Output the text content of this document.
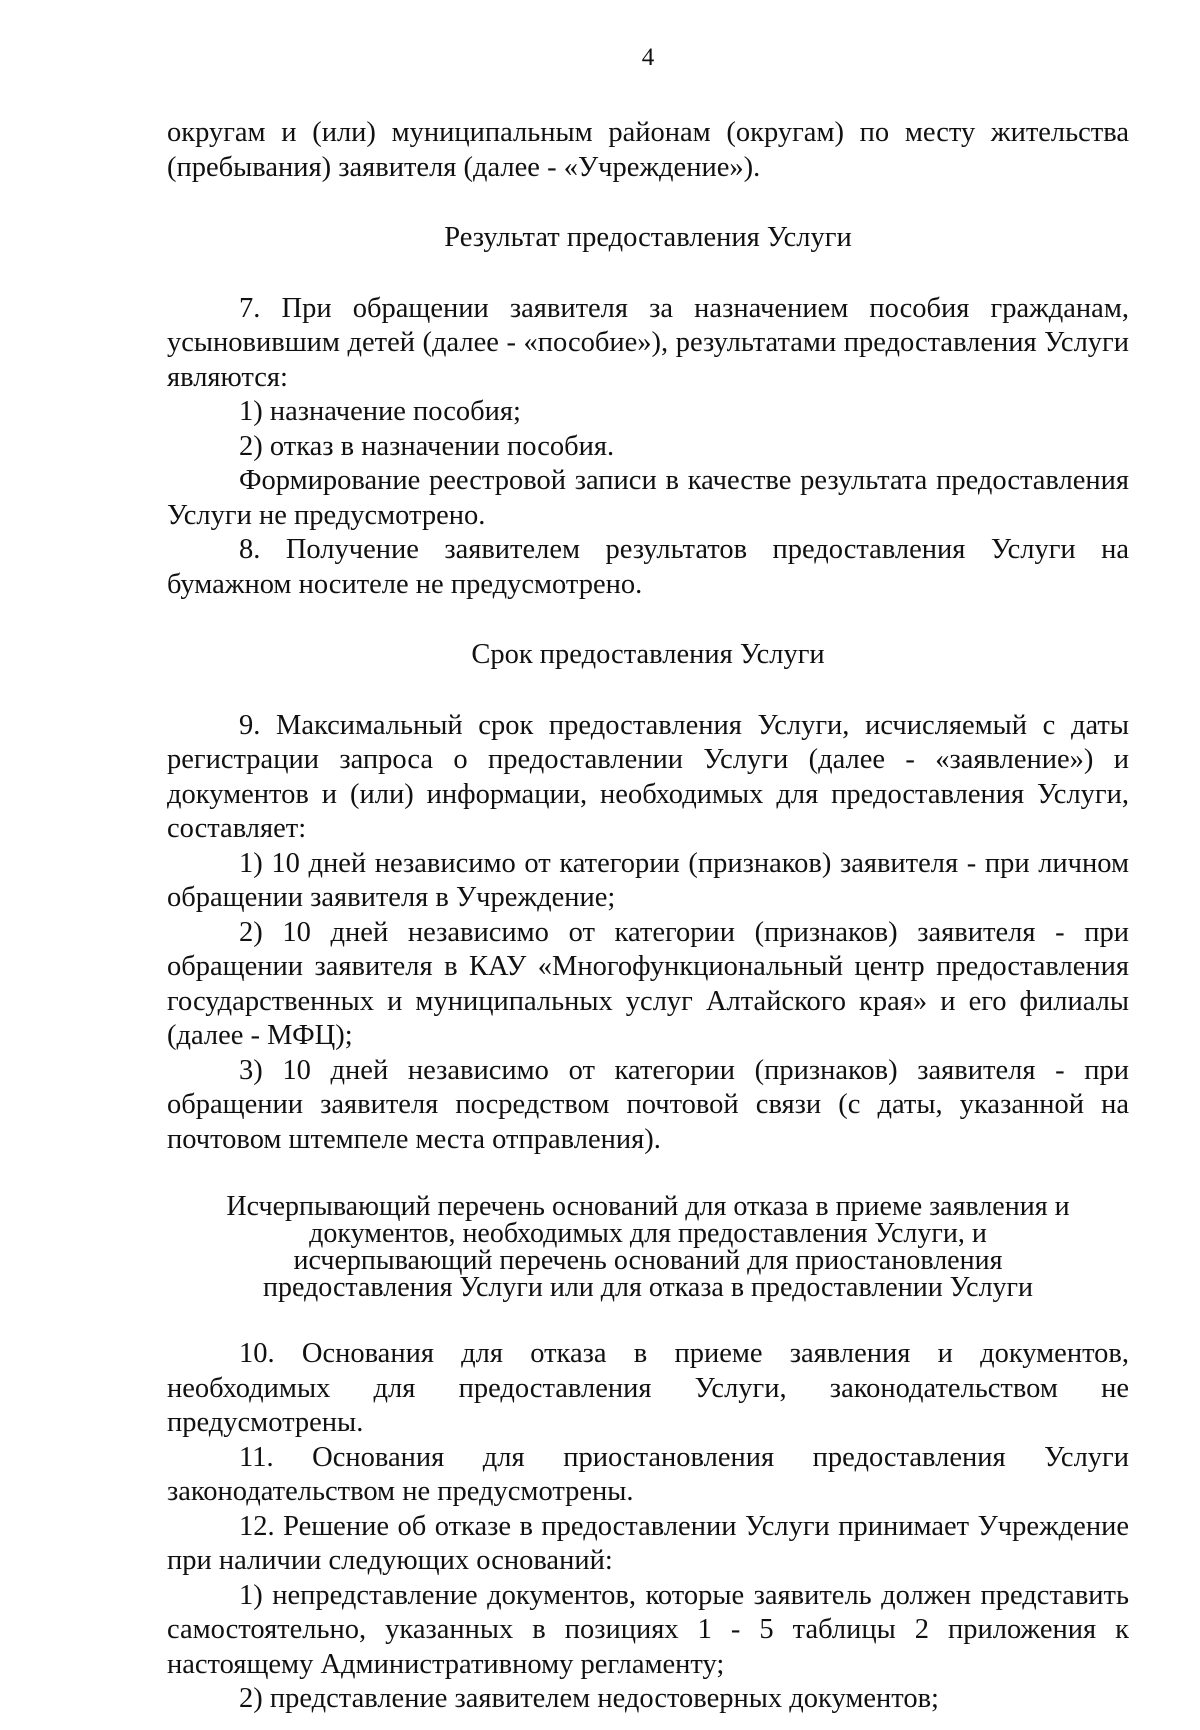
4

округам и (или) муниципальным районам (округам) по месту жительства (пребывания) заявителя (далее - «Учреждение»).

Результат предоставления Услуги

7. При обращении заявителя за назначением пособия гражданам, усыновившим детей (далее - «пособие»), результатами предоставления Услуги являются:

1) назначение пособия;

2) отказ в назначении пособия.

Формирование реестровой записи в качестве результата предоставления Услуги не предусмотрено.

8. Получение заявителем результатов предоставления Услуги на бумажном носителе не предусмотрено.

Срок предоставления Услуги

9. Максимальный срок предоставления Услуги, исчисляемый с даты регистрации запроса о предоставлении Услуги (далее - «заявление») и документов и (или) информации, необходимых для предоставления Услуги, составляет:

1) 10 дней независимо от категории (признаков) заявителя - при личном обращении заявителя в Учреждение;

2) 10 дней независимо от категории (признаков) заявителя - при обращении заявителя в КАУ «Многофункциональный центр предоставления государственных и муниципальных услуг Алтайского края» и его филиалы (далее - МФЦ);

3) 10 дней независимо от категории (признаков) заявителя - при обращении заявителя посредством почтовой связи (с даты, указанной на почтовом штемпеле места отправления).

Исчерпывающий перечень оснований для отказа в приеме заявления и документов, необходимых для предоставления Услуги, и исчерпывающий перечень оснований для приостановления предоставления Услуги или для отказа в предоставлении Услуги

10. Основания для отказа в приеме заявления и документов, необходимых для предоставления Услуги, законодательством не предусмотрены.

11. Основания для приостановления предоставления Услуги законодательством не предусмотрены.

12. Решение об отказе в предоставлении Услуги принимает Учреждение при наличии следующих оснований:

1) непредставление документов, которые заявитель должен представить самостоятельно, указанных в позициях 1 - 5 таблицы 2 приложения к настоящему Административному регламенту;

2) представление заявителем недостоверных документов;
